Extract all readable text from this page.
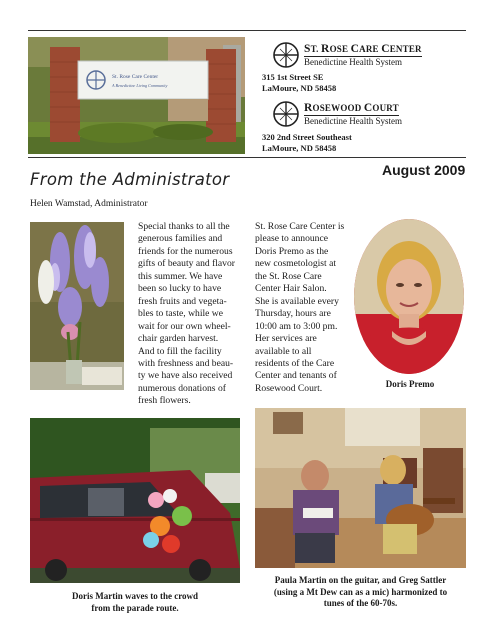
St. Rose Care Center
A Benedictine Living Community
ST. ROSE CARE CENTER
Benedictine Health System
315 1st Street SE
LaMoure, ND 58458
ROSEWOOD COURT
Benedictine Health System
320 2nd Street Southeast
LaMoure, ND 58458
From the Administrator	August 2009
Helen Wamstad, Administrator
Special thanks to all the
generous families and
friends for the numerous
gifts of beauty and flavor
this summer. We have
been so lucky to have
fresh fruits and vegeta-
bles to taste, while we
wait for our own wheel-
chair garden harvest.
And to fill the facility
with freshness and beau-
ty we have also received
numerous donations of
fresh flowers.
St. Rose Care Center is
please to announce
Doris Premo as the
new cosmetologist at
the St. Rose Care
Center Hair Salon.
She is available every
Thursday, hours are
10:00 am to 3:00 pm.
Her services are
available to all
residents of the Care
Center and tenants of
Rosewood Court.	Doris Premo
Doris Martin waves to the crowd
from the parade route.
Paula Martin on the guitar, and Greg Sattler
(using a Mt Dew can as a mic) harmonized to
tunes of the 60-70s.
